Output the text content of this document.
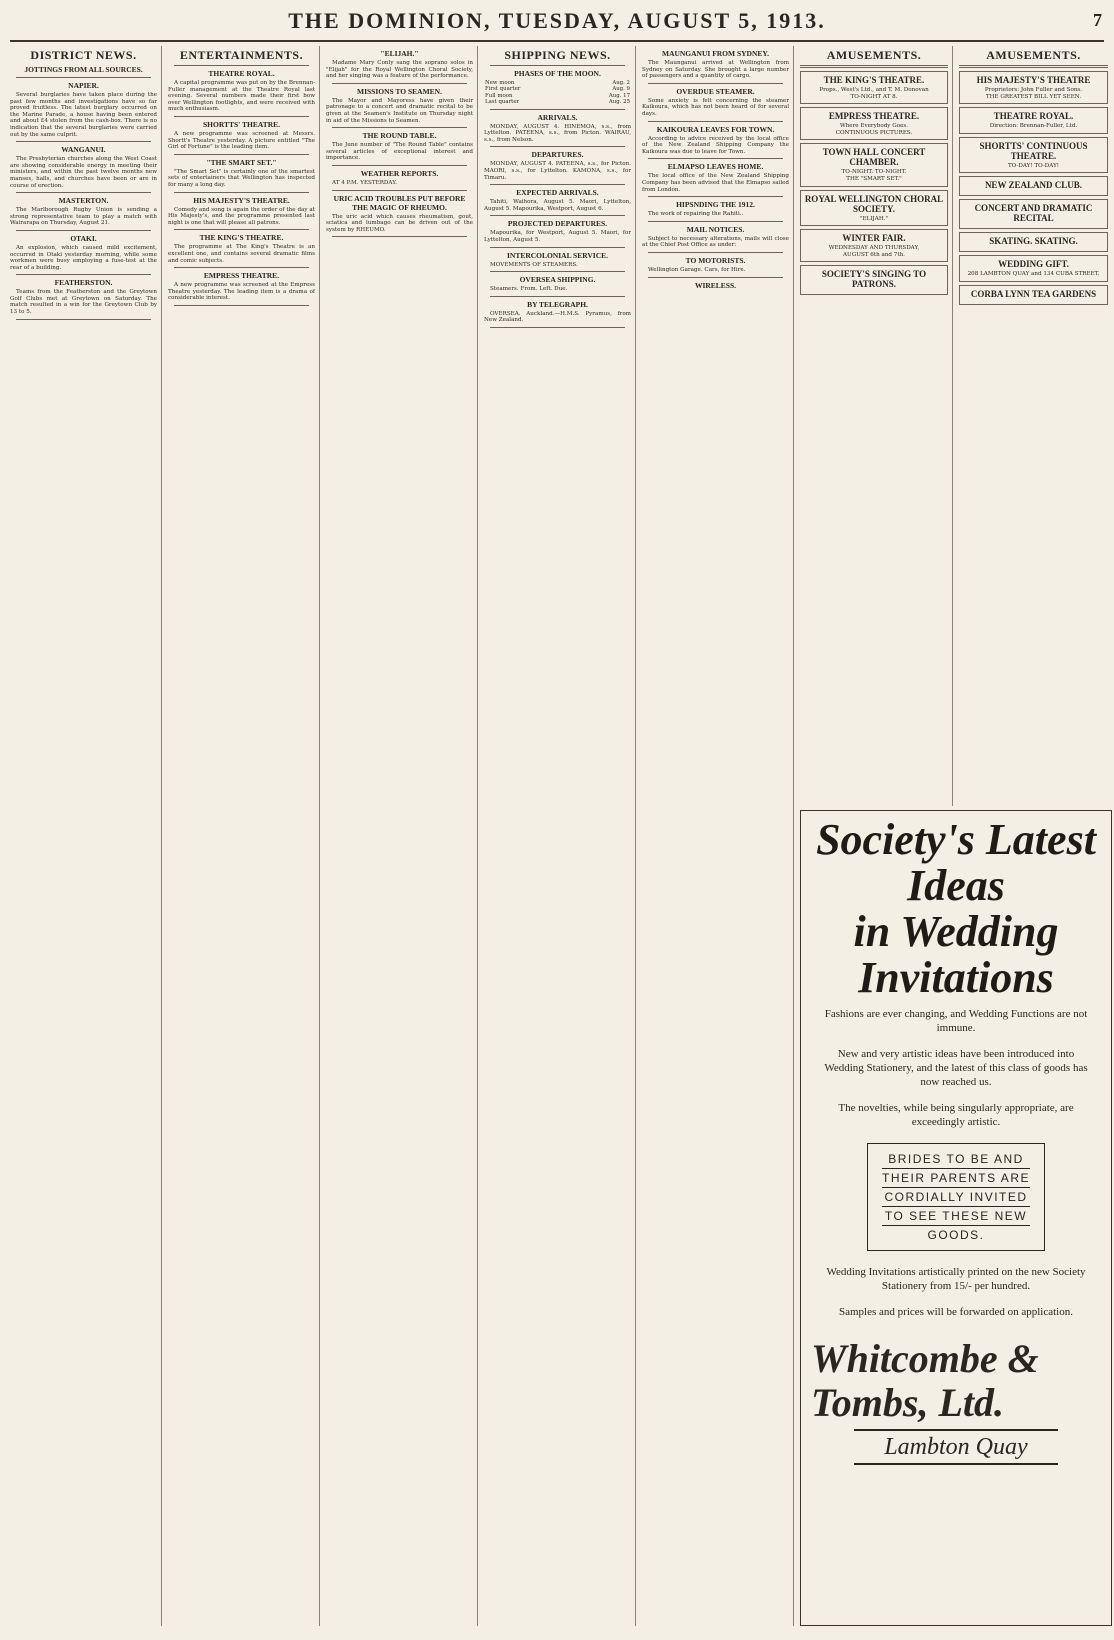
THE DOMINION, TUESDAY, AUGUST 5, 1913.	7
DISTRICT NEWS.
JOTTINGS FROM ALL SOURCES.
NAPIER.
Several burglaries have taken place during the past few months and investigations have so far proved fruitless. The latest burglary occurred on the Marine Parade, a house having been entered and about £4 stolen from the cash-box. There is no indication that the several burglaries were carried out by the same culprit.
WANGANUI.
The Presbyterian churches along the West Coast are showing considerable energy in meeting their ministers, and within the past twelve months new manses, halls, and churches have been or are in course of erection.
MASTERTON.
The Marlborough Rugby Union is sending a strong representative team to play a match with Wairarapa on Thursday, August 21.
OTAKI.
An explosion, which caused mild excitement, occurred in Otaki yesterday morning, while some workmen were busy employing a fuse-test at the rear of a building.
FEATHERSTON.
Teams from the Featherston and the Greytown Golf Clubs met at Greytown on Saturday. The match resulted in a win for the Greytown Club by 13 to 5.
ENTERTAINMENTS.
THEATRE ROYAL.
A capital programme was put on by the Brennan-Fuller management at the Theatre Royal last evening. Several numbers made their first bow over Wellington footlights, and were received with much enthusiasm.
SHORTTS' THEATRE.
A new programme was screened at Messrs. Shortt's Theatre yesterday. A picture entitled "The Girl of Fortune" is the leading item.
"THE SMART SET."
"The Smart Set" is certainly one of the smartest sets of entertainers that Wellington has inspected for many a long day.
HIS MAJESTY'S THEATRE.
Comedy and song is again the order of the day at His Majesty's, and the programme presented last night is one that will please all patrons.
THE KING'S THEATRE.
The programme at The King's Theatre is an excellent one, and contains several dramatic films and comic subjects.
EMPRESS THEATRE.
A new programme was screened at the Empress Theatre yesterday. The leading item is a drama of considerable interest.
"ELIJAH."
Madame Mary Conly sang the soprano solos in "Elijah" for the Royal Wellington Choral Society, and her singing was a feature of the performance.
MISSIONS TO SEAMEN.
The Mayor and Mayoress have given their patronage to a concert and dramatic recital to be given at the Seamen's Institute on Thursday night in aid of the Missions to Seamen.
THE ROUND TABLE.
The June number of "The Round Table" contains several articles of exceptional interest and importance.
WEATHER REPORTS.
AT 4 P.M. YESTERDAY.
URIC ACID TROUBLES PUT BEFORE THE MAGIC OF RHEUMO.
The uric acid which causes rheumatism, gout, sciatica and lumbago can be driven out of the system by RHEUMO.
SHIPPING NEWS.
PHASES OF THE MOON.
New moon	Aug. 2
First quarter	Aug. 9
Full moon	Aug. 17
Last quarter	Aug. 25
ARRIVALS.
MONDAY, AUGUST 4. HINEMOA, s.s., from Lyttelton. PATEENA, s.s., from Picton. WAIRAU, s.s., from Nelson.
DEPARTURES.
MONDAY, AUGUST 4. PATEENA, s.s., for Picton. MAORI, s.s., for Lyttelton. KAMONA, s.s., for Timaru.
EXPECTED ARRIVALS.
Tahiti, Waihora, August 5. Maori, Lyttelton, August 5. Mapourika, Westport, August 6.
PROJECTED DEPARTURES.
Mapourika, for Westport, August 5. Maori, for Lyttelton, August 5.
INTERCOLONIAL SERVICE.
MOVEMENTS OF STEAMERS.
OVERSEA SHIPPING.
Steamers. From. Left. Due.
BY TELEGRAPH.
OVERSEA. Auckland.—H.M.S. Pyramus, from New Zealand.
MAUNGANUI FROM SYDNEY.
The Maunganui arrived at Wellington from Sydney on Saturday. She brought a large number of passengers and a quantity of cargo.
OVERDUE STEAMER.
Some anxiety is felt concerning the steamer Kaikoura, which has not been heard of for several days.
KAIKOURA LEAVES FOR TOWN.
According to advice received by the local office of the New Zealand Shipping Company the Kaikoura was due to leave for Town.
ELMAPSO LEAVES HOME.
The local office of the New Zealand Shipping Company has been advised that the Elmapso sailed from London.
HIPSNDING THE 1912.
The work of repairing the Rahiti..
MAIL NOTICES.
Subject to necessary alterations, mails will close at the Chief Post Office as under:
TO MOTORISTS.
Wellington Garage. Cars, for Hire.
WIRELESS.
AMUSEMENTS.
THE KING'S THEATRE.
Props., West's Ltd., and T. M. Donovan
TO-NIGHT AT 8.
EMPRESS THEATRE.
Where Everybody Goes.
CONTINUOUS PICTURES.
TOWN HALL CONCERT CHAMBER.
TO-NIGHT. TO-NIGHT.
THE "SMART SET."
ROYAL WELLINGTON CHORAL SOCIETY.
"ELIJAH."
WINTER FAIR.
WEDNESDAY AND THURSDAY,
AUGUST 6th and 7th.
SOCIETY'S SINGING TO PATRONS.
AMUSEMENTS.
HIS MAJESTY'S THEATRE
Proprietors: John Fuller and Sons.
THE GREATEST BILL YET SEEN.
THEATRE ROYAL.
Direction: Brennan-Fuller, Ltd.
SHORTTS' CONTINUOUS THEATRE.
TO-DAY! TO-DAY!
NEW ZEALAND CLUB.
CONCERT AND DRAMATIC RECITAL
SKATING. SKATING.
WEDDING GIFT.
208 LAMBTON QUAY and 134 CUBA STREET.
CORBA LYNN TEA GARDENS
Society's Latest Ideas
in Wedding Invitations
Fashions are ever changing, and Wedding Functions are not immune.
New and very artistic ideas have been introduced into Wedding Stationery, and the latest of this class of goods has now reached us.
The novelties, while being singularly appropriate, are exceedingly artistic.
BRIDES TO BE AND
THEIR PARENTS ARE
CORDIALLY INVITED
TO SEE THESE NEW
GOODS.
Wedding Invitations artistically printed on the new Society Stationery from 15/- per hundred.
Samples and prices will be forwarded on application.
Whitcombe & Tombs, Ltd.
Lambton Quay
